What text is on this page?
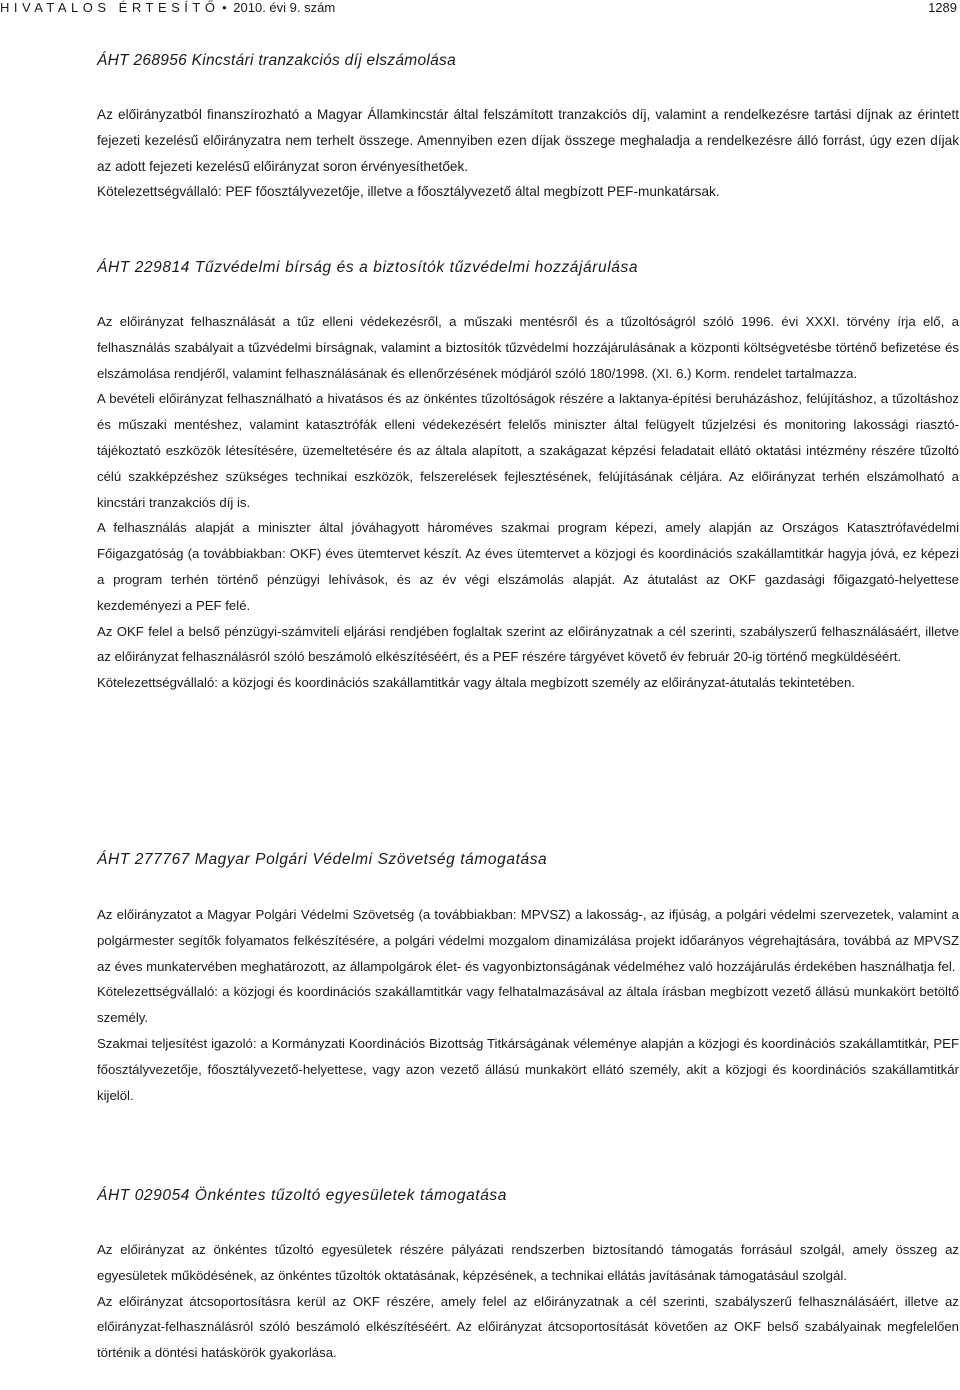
HIVATALOS ÉRTESÍTŐ • 2010. évi 9. szám	1289
ÁHT 268956 Kincstári tranzakciós díj elszámolása

Az előirányzatból finanszírozható a Magyar Államkincstár által felszámított tranzakciós díj, valamint a rendelkezésre tartási díjnak az érintett fejezeti kezelésű előirányzatra nem terhelt összege. Amennyiben ezen díjak összege meghaladja a rendelkezésre álló forrást, úgy ezen díjak az adott fejezeti kezelésű előirányzat soron érvényesíthetőek.

Kötelezettségvállaló: PEF főosztályvezetője, illetve a főosztályvezető által megbízott PEF-munkatársak.

ÁHT 229814 Tűzvédelmi bírság és a biztosítók tűzvédelmi hozzájárulása

Az előirányzat felhasználását a tűz elleni védekezésről, a műszaki mentésről és a tűzoltóságról szóló 1996. évi XXXI. törvény írja elő, a felhasználás szabályait a tűzvédelmi bírságnak, valamint a biztosítók tűzvédelmi hozzájárulásának a központi költségvetésbe történő befizetése és elszámolása rendjéről, valamint felhasználásának és ellenőrzésének módjáról szóló 180/1998. (XI. 6.) Korm. rendelet tartalmazza.

A bevételi előirányzat felhasználható a hivatásos és az önkéntes tűzoltóságok részére a laktanya-építési beruházáshoz, felújításhoz, a tűzoltáshoz és műszaki mentéshez, valamint katasztrófák elleni védekezésért felelős miniszter által felügyelt tűzjelzési és monitoring lakossági riasztó-tájékoztató eszközök létesítésére, üzemeltetésére és az általa alapított, a szakágazat képzési feladatait ellátó oktatási intézmény részére tűzoltó célú szakképzéshez szükséges technikai eszközök, felszerelések fejlesztésének, felújításának céljára. Az előirányzat terhén elszámolható a kincstári tranzakciós díj is.

A felhasználás alapját a miniszter által jóváhagyott hároméves szakmai program képezi, amely alapján az Országos Katasztrófavédelmi Főigazgatóság (a továbbiakban: OKF) éves ütemtervet készít. Az éves ütemtervet a közjogi és koordinációs szakállamtitkár hagyja jóvá, ez képezi a program terhén történő pénzügyi lehívások, és az év végi elszámolás alapját. Az átutalást az OKF gazdasági főigazgató-helyettese kezdeményezi a PEF felé.

Az OKF felel a belső pénzügyi-számviteli eljárási rendjében foglaltak szerint az előirányzatnak a cél szerinti, szabályszerű felhasználásáért, illetve az előirányzat felhasználásról szóló beszámoló elkészítéséért, és a PEF részére tárgyévet követő év február 20-ig történő megküldéséért.

Kötelezettségvállaló: a közjogi és koordinációs szakállamtitkár vagy általa megbízott személy az előirányzat-átutalás tekintetében.

ÁHT 277767 Magyar Polgári Védelmi Szövetség támogatása

Az előirányzatot a Magyar Polgári Védelmi Szövetség (a továbbiakban: MPVSZ) a lakosság-, az ifjúság, a polgári védelmi szervezetek, valamint a polgármester segítők folyamatos felkészítésére, a polgári védelmi mozgalom dinamizálása projekt időarányos végrehajtására, továbbá az MPVSZ az éves munkatervében meghatározott, az állampolgárok élet- és vagyonbiztonságának védelméhez való hozzájárulás érdekében használhatja fel.

Kötelezettségvállaló: a közjogi és koordinációs szakállamtitkár vagy felhatalmazásával az általa írásban megbízott vezető állású munkakört betöltő személy.

Szakmai teljesítést igazoló: a Kormányzati Koordinációs Bizottság Titkárságának véleménye alapján a közjogi és koordinációs szakállamtitkár, PEF főosztályvezetője, főosztályvezető-helyettese, vagy azon vezető állású munkakört ellátó személy, akit a közjogi és koordinációs szakállamtitkár kijelöl.

ÁHT 029054 Önkéntes tűzoltó egyesületek támogatása

Az előirányzat az önkéntes tűzoltó egyesületek részére pályázati rendszerben biztosítandó támogatás forrásául szolgál, amely összeg az egyesületek működésének, az önkéntes tűzoltók oktatásának, képzésének, a technikai ellátás javításának támogatásául szolgál.

Az előirányzat átcsoportosításra kerül az OKF részére, amely felel az előirányzatnak a cél szerinti, szabályszerű felhasználásáért, illetve az előirányzat-felhasználásról szóló beszámoló elkészítéséért. Az előirányzat átcsoportosítását követően az OKF belső szabályainak megfelelően történik a döntési hatáskörök gyakorlása.
